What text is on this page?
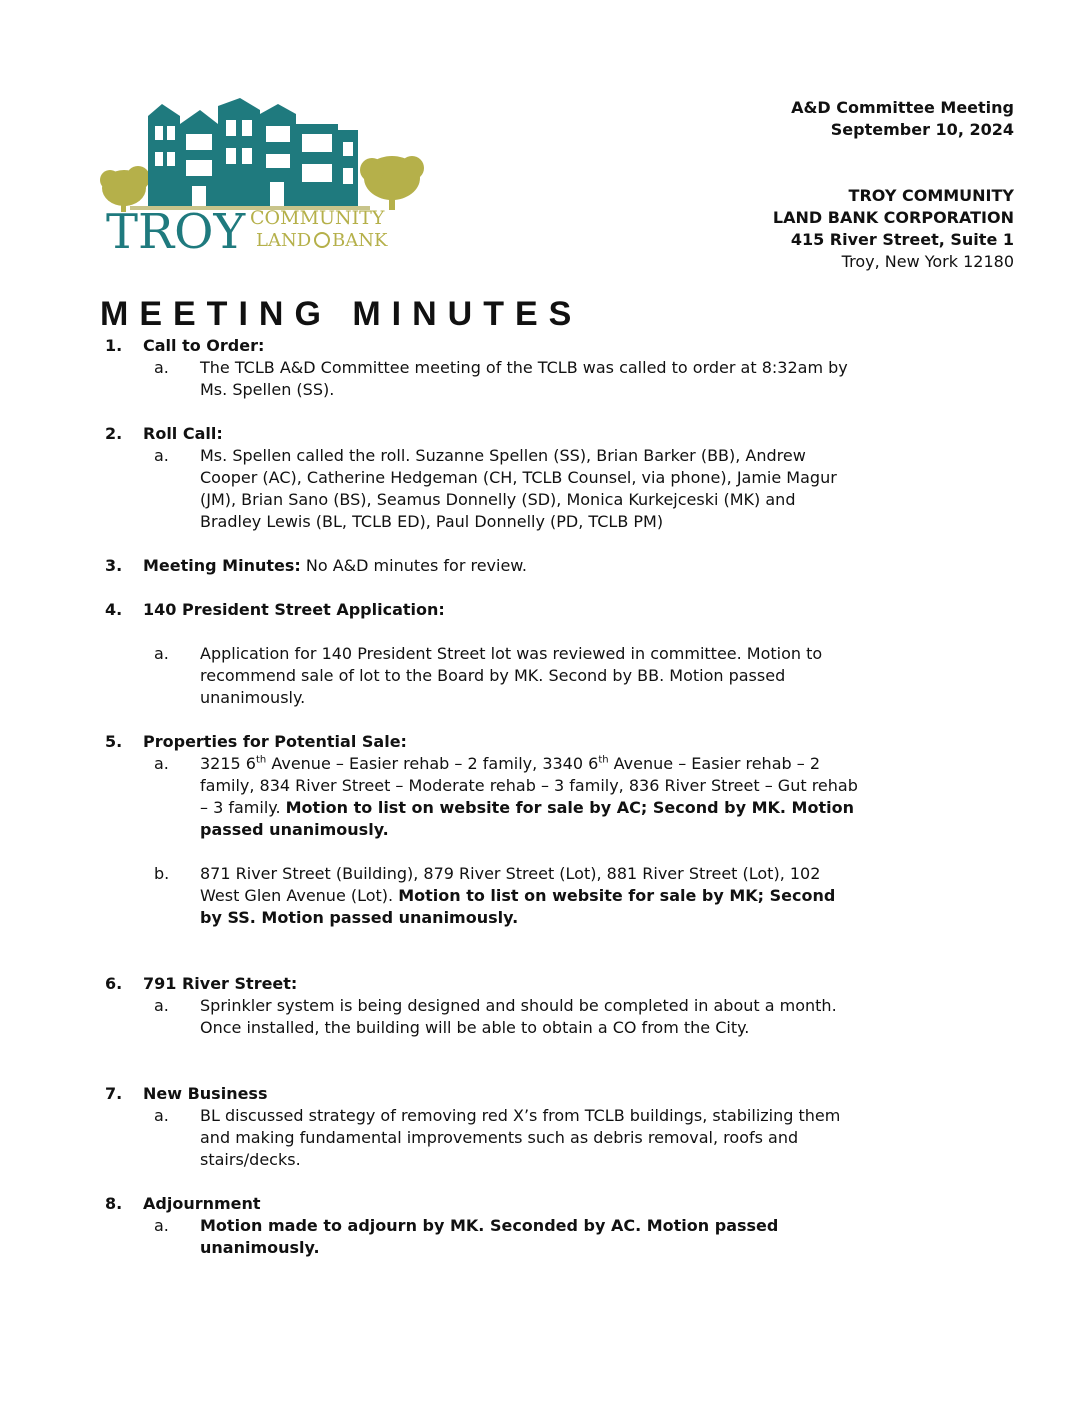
TROY COMMUNITY
LAND BANK
A&D Committee Meeting
September 10, 2024
TROY COMMUNITY
LAND BANK CORPORATION
415 River Street, Suite 1
Troy, New York 12180
MEETING MINUTES
1.	Call to Order:
a. The TCLB A&D Committee meeting of the TCLB was called to order at 8:32am by Ms. Spellen (SS).
2.	Roll Call:
a. Ms. Spellen called the roll. Suzanne Spellen (SS), Brian Barker (BB), Andrew Cooper (AC), Catherine Hedgeman (CH, TCLB Counsel, via phone), Jamie Magur (JM), Brian Sano (BS), Seamus Donnelly (SD), Monica Kurkejceski (MK) and Bradley Lewis (BL, TCLB ED), Paul Donnelly (PD, TCLB PM)
3.	Meeting Minutes: No A&D minutes for review.
4.	140 President Street Application:
a. Application for 140 President Street lot was reviewed in committee. Motion to recommend sale of lot to the Board by MK. Second by BB. Motion passed unanimously.
5.	Properties for Potential Sale:
a. 3215 6th Avenue – Easier rehab – 2 family, 3340 6th Avenue – Easier rehab – 2 family, 834 River Street – Moderate rehab – 3 family, 836 River Street – Gut rehab – 3 family. Motion to list on website for sale by AC; Second by MK. Motion passed unanimously.
b. 871 River Street (Building), 879 River Street (Lot), 881 River Street (Lot), 102 West Glen Avenue (Lot). Motion to list on website for sale by MK; Second by SS. Motion passed unanimously.
6.	791 River Street:
a. Sprinkler system is being designed and should be completed in about a month. Once installed, the building will be able to obtain a CO from the City.
7.	New Business
a. BL discussed strategy of removing red X’s from TCLB buildings, stabilizing them and making fundamental improvements such as debris removal, roofs and stairs/decks.
8.	Adjournment
a. Motion made to adjourn by MK. Seconded by AC. Motion passed unanimously.
